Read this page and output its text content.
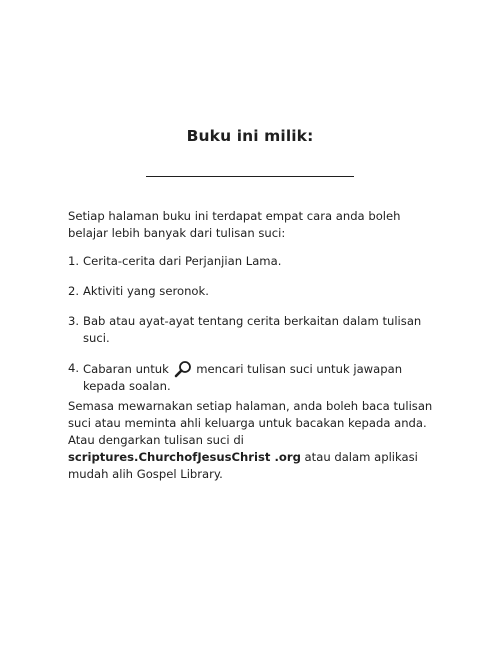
Buku ini milik:
Setiap halaman buku ini terdapat empat cara anda boleh belajar lebih banyak dari tulisan suci:
1. Cerita-cerita dari Perjanjian Lama.
2. Aktiviti yang seronok.
3. Bab atau ayat-ayat tentang cerita berkaitan dalam tulisan suci.
4. Cabaran untuk mencari tulisan suci untuk jawapan kepada soalan.
Semasa mewarnakan setiap halaman, anda boleh baca tulisan suci atau meminta ahli keluarga untuk bacakan kepada anda. Atau dengarkan tulisan suci di scriptures.ChurchofJesusChrist .org atau dalam aplikasi mudah alih Gospel Library.
